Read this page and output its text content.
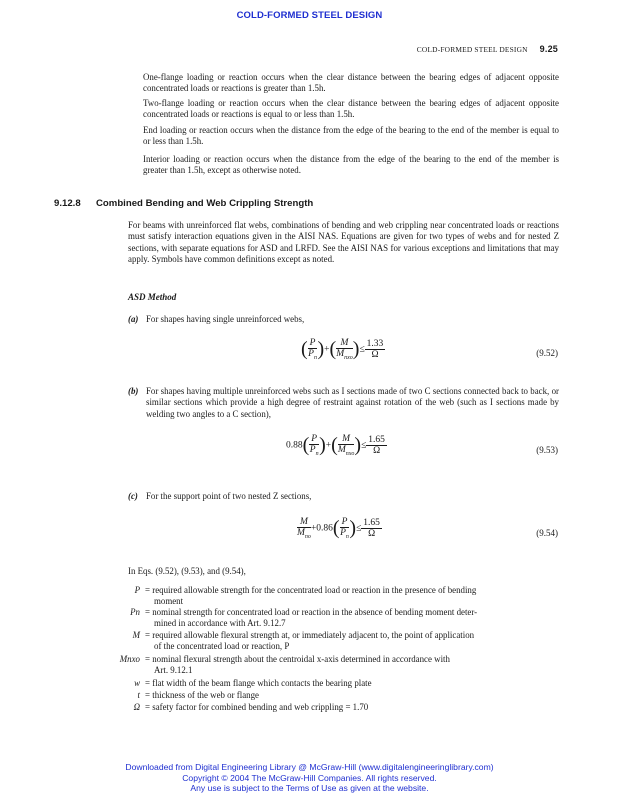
COLD-FORMED STEEL DESIGN
COLD-FORMED STEEL DESIGN 9.25
One-flange loading or reaction occurs when the clear distance between the bearing edges of adjacent opposite concentrated loads or reactions is greater than 1.5h.
Two-flange loading or reaction occurs when the clear distance between the bearing edges of adjacent opposite concentrated loads or reactions is equal to or less than 1.5h.
End loading or reaction occurs when the distance from the edge of the bearing to the end of the member is equal to or less than 1.5h.
Interior loading or reaction occurs when the distance from the edge of the bearing to the end of the member is greater than 1.5h, except as otherwise noted.
9.12.8 Combined Bending and Web Crippling Strength
For beams with unreinforced flat webs, combinations of bending and web crippling near concentrated loads or reactions must satisfy interaction equations given in the AISI NAS. Equations are given for two types of webs and for nested Z sections, with separate equations for ASD and LRFD. See the AISI NAS for various exceptions and limitations that may apply. Symbols have common definitions except as noted.
ASD Method
(a) For shapes having single unreinforced webs,
( $\frac{P}{P_n}$ )+( $\frac{M}{M_{nxo}}$ )≤ $\frac{1.33}{\Omega}$	(9.52)
(b) For shapes having multiple unreinforced webs such as I sections made of two C sections connected back to back, or similar sections which provide a high degree of restraint against rotation of the web (such as I sections made by welding two angles to a C section),
$0.88( \frac{P}{P_n}$ )+( $\frac{M}{M_{nxo}}$ )≤ $\frac{1.65}{\Omega}$	(9.53)
(c) For the support point of two nested Z sections,
$\frac{M}{M_{no}} +0.86( \frac{P}{P_n}$ )≤ $\frac{1.65}{\Omega}$	(9.54)
In Eqs. (9.52), (9.53), and (9.54),
P = required allowable strength for the concentrated load or reaction in the presence of bending
moment
Pn = nominal strength for concentrated load or reaction in the absence of bending moment deter-
mined in accordance with Art. 9.12.7
M = required allowable flexural strength at, or immediately adjacent to, the point of application
of the concentrated load or reaction, P
Mnxo = nominal flexural strength about the centroidal x-axis determined in accordance with
Art. 9.12.1
w = flat width of the beam flange which contacts the bearing plate
t = thickness of the web or flange
Ω = safety factor for combined bending and web crippling = 1.70
Downloaded from Digital Engineering Library @ McGraw-Hill (www.digitalengineeringlibrary.com)
Copyright © 2004 The McGraw-Hill Companies. All rights reserved.
Any use is subject to the Terms of Use as given at the website.
